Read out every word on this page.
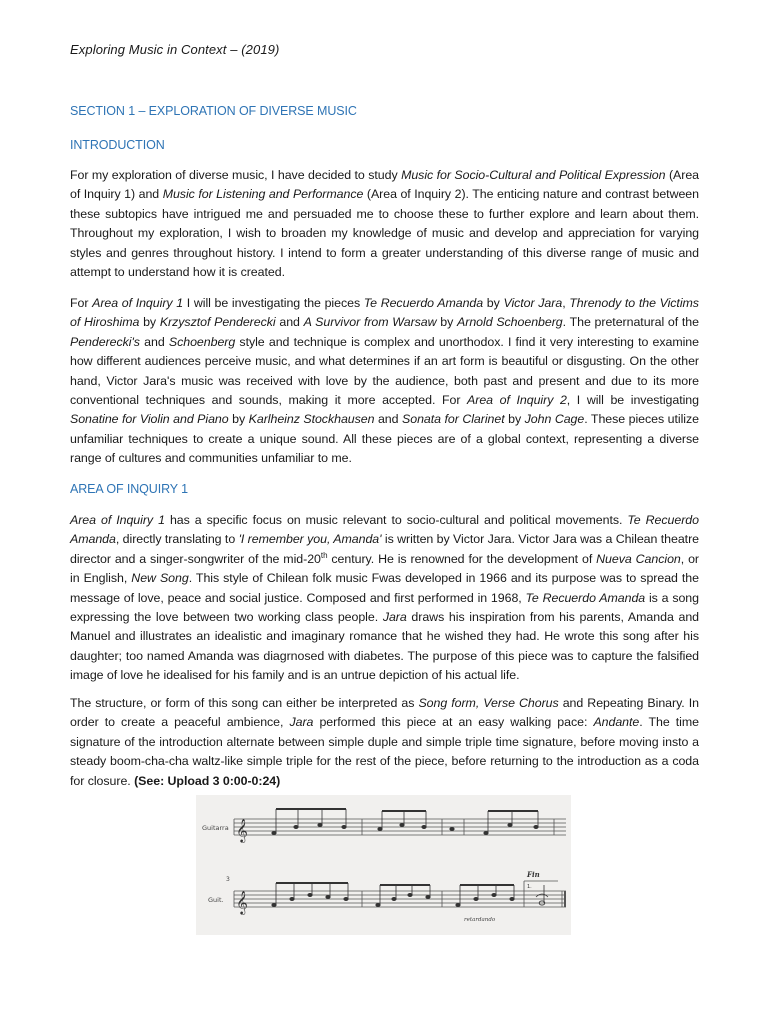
Exploring Music in Context – (2019)
SECTION 1 – EXPLORATION OF DIVERSE MUSIC
INTRODUCTION

For my exploration of diverse music, I have decided to study Music for Socio-Cultural and Political Expression (Area of Inquiry 1) and Music for Listening and Performance (Area of Inquiry 2). The enticing nature and contrast between these subtopics have intrigued me and persuaded me to choose these to further explore and learn about them. Throughout my exploration, I wish to broaden my knowledge of music and develop and appreciation for varying styles and genres throughout history. I intend to form a greater understanding of this diverse range of music and attempt to understand how it is created.

For Area of Inquiry 1 I will be investigating the pieces Te Recuerdo Amanda by Victor Jara, Threnody to the Victims of Hiroshima by Krzysztof Penderecki and A Survivor from Warsaw by Arnold Schoenberg. The preternatural of the Penderecki's and Schoenberg style and technique is complex and unorthodox. I find it very interesting to examine how different audiences perceive music, and what determines if an art form is beautiful or disgusting. On the other hand, Victor Jara's music was received with love by the audience, both past and present and due to its more conventional techniques and sounds, making it more accepted. For Area of Inquiry 2, I will be investigating Sonatine for Violin and Piano by Karlheinz Stockhausen and Sonata for Clarinet by John Cage. These pieces utilize unfamiliar techniques to create a unique sound. All these pieces are of a global context, representing a diverse range of cultures and communities unfamiliar to me.

AREA OF INQUIRY 1

Area of Inquiry 1 has a specific focus on music relevant to socio-cultural and political movements. Te Recuerdo Amanda, directly translating to 'I remember you, Amanda' is written by Victor Jara. Victor Jara was a Chilean theatre director and a singer-songwriter of the mid-20th century. He is renowned for the development of Nueva Cancion, or in English, New Song. This style of Chilean folk music Fwas developed in 1966 and its purpose was to spread the message of love, peace and social justice. Composed and first performed in 1968, Te Recuerdo Amanda is a song expressing the love between two working class people. Jara draws his inspiration from his parents, Amanda and Manuel and illustrates an idealistic and imaginary romance that he wished they had. He wrote this song after his daughter; too named Amanda was diagrnosed with diabetes. The purpose of this piece was to capture the falsified image of love he idealised for his family and is an untrue depiction of his actual life.

The structure, or form of this song can either be interpreted as Song form, Verse Chorus and Repeating Binary. In order to create a peaceful ambience, Jara performed this piece at an easy walking pace: Andante. The time signature of the introduction alternate between simple duple and simple triple time signature, before moving insto a steady boom-cha-cha waltz-like simple triple for the rest of the piece, before returning to the introduction as a coda for closure. (See: Upload 3 0:00-0:24)

Guitarra 𝄞
3
Guit. 𝄞
Fin
1.
retardando
